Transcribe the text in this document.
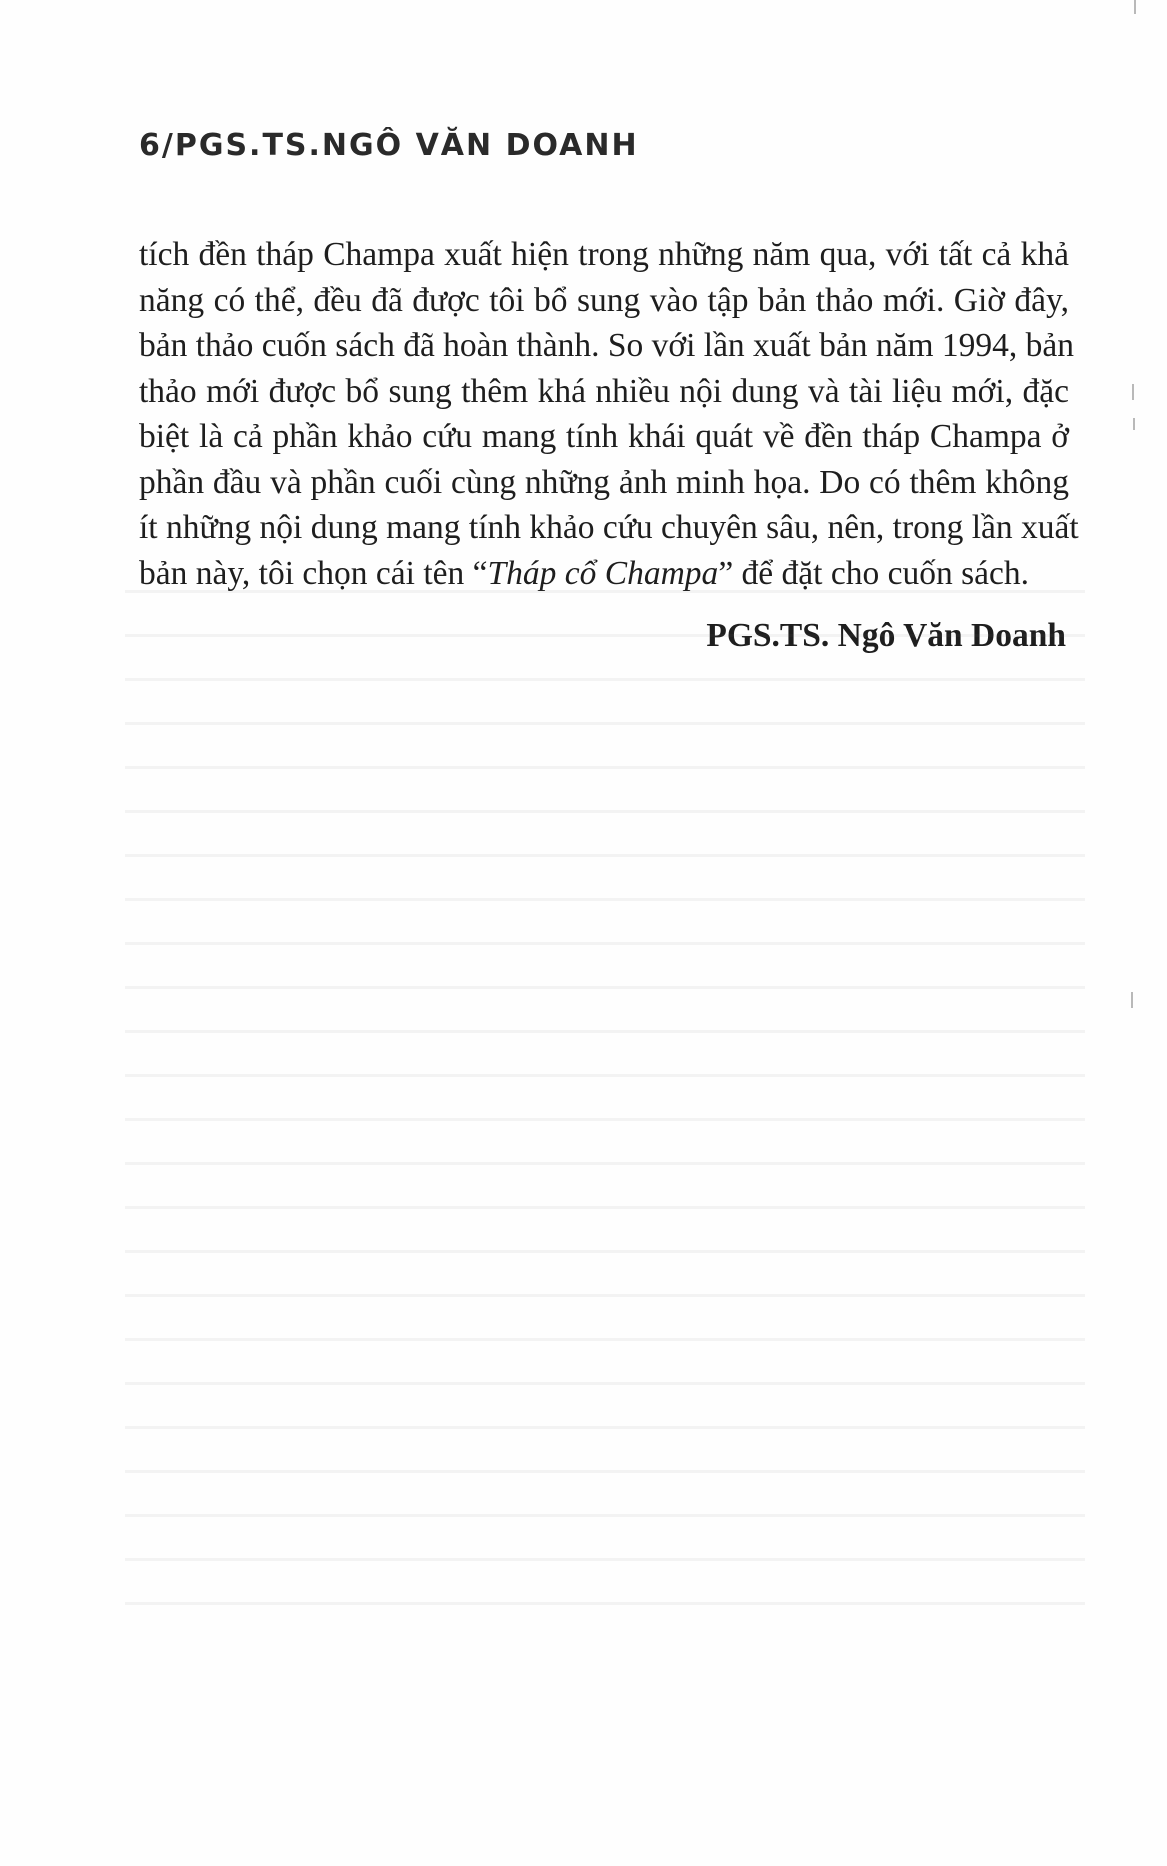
6/PGS.TS.NGÔ VĂN DOANH
tích đền tháp Champa xuất hiện trong những năm qua, với tất cả khả
năng có thể, đều đã được tôi bổ sung vào tập bản thảo mới. Giờ đây,
bản thảo cuốn sách đã hoàn thành. So với lần xuất bản năm 1994, bản
thảo mới được bổ sung thêm khá nhiều nội dung và tài liệu mới, đặc
biệt là cả phần khảo cứu mang tính khái quát về đền tháp Champa ở
phần đầu và phần cuối cùng những ảnh minh họa. Do có thêm không
ít những nội dung mang tính khảo cứu chuyên sâu, nên, trong lần xuất
bản này, tôi chọn cái tên “Tháp cổ Champa” để đặt cho cuốn sách.
PGS.TS. Ngô Văn Doanh
